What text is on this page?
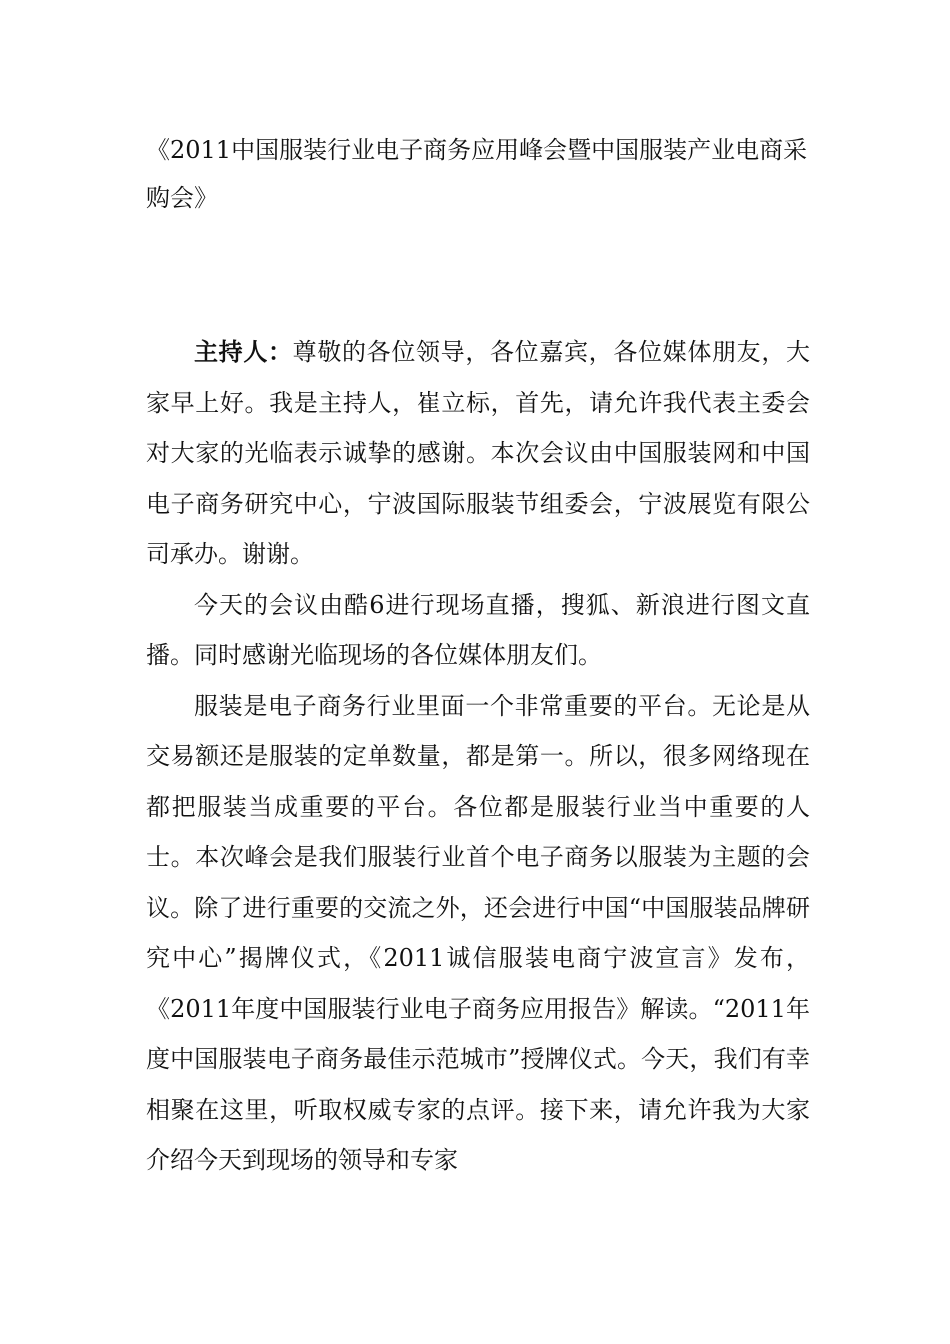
《2011中国服装行业电子商务应用峰会暨中国服装产业电商采购会》

主持人：尊敬的各位领导，各位嘉宾，各位媒体朋友，大家早上好。我是主持人，崔立标，首先，请允许我代表主委会对大家的光临表示诚挚的感谢。本次会议由中国服装网和中国电子商务研究中心，宁波国际服装节组委会，宁波展览有限公司承办。谢谢。

今天的会议由酷6进行现场直播，搜狐、新浪进行图文直播。同时感谢光临现场的各位媒体朋友们。

服装是电子商务行业里面一个非常重要的平台。无论是从交易额还是服装的定单数量，都是第一。所以，很多网络现在都把服装当成重要的平台。各位都是服装行业当中重要的人士。本次峰会是我们服装行业首个电子商务以服装为主题的会议。除了进行重要的交流之外，还会进行中国“中国服装品牌研究中心”揭牌仪式，《2011诚信服装电商宁波宣言》发布，《2011年度中国服装行业电子商务应用报告》解读。“2011年度中国服装电子商务最佳示范城市”授牌仪式。今天，我们有幸相聚在这里，听取权威专家的点评。接下来，请允许我为大家介绍今天到现场的领导和专家
